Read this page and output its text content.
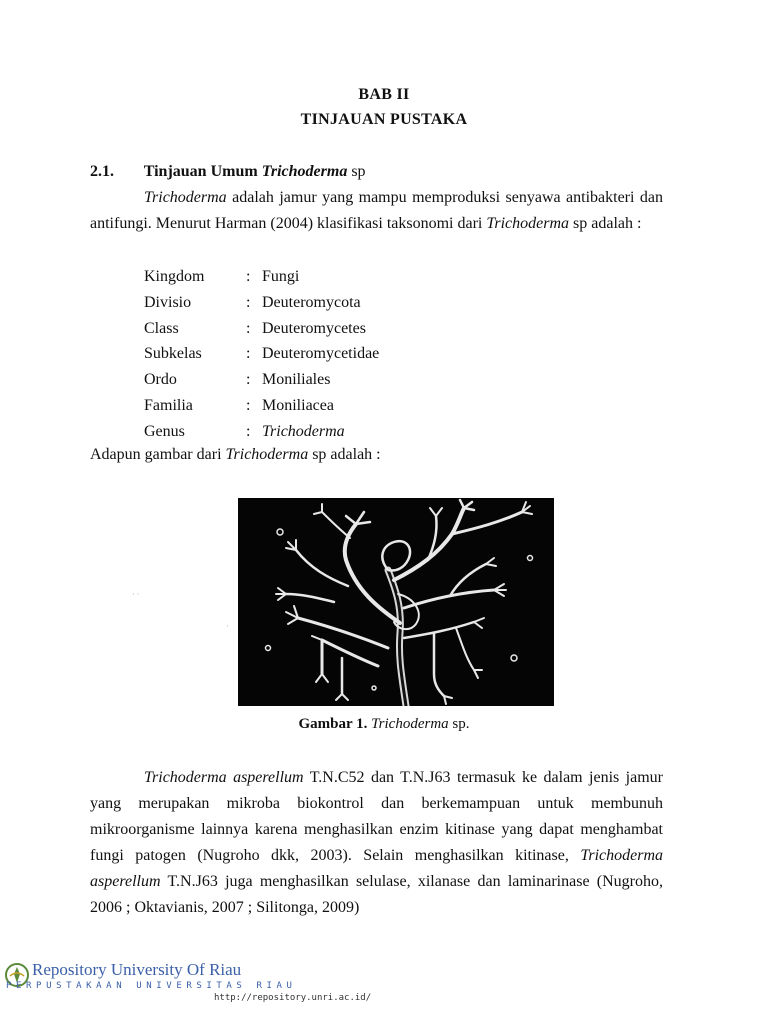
BAB II
TINJAUAN PUSTAKA
2.1. Tinjauan Umum Trichoderma sp
Trichoderma adalah jamur yang mampu memproduksi senyawa antibakteri dan antifungi. Menurut Harman (2004) klasifikasi taksonomi dari Trichoderma sp adalah :
Kingdom	: Fungi
Divisio	: Deuteromycota
Class	: Deuteromycetes
Subkelas	: Deuteromycetidae
Ordo	: Moniliales
Familia	: Moniliacea
Genus	: Trichoderma
Adapun gambar dari Trichoderma sp adalah :
· ·
·
Gambar 1. Trichoderma sp.
Trichoderma asperellum T.N.C52 dan T.N.J63 termasuk ke dalam jenis jamur yang merupakan mikroba biokontrol dan berkemampuan untuk membunuh mikroorganisme lainnya karena menghasilkan enzim kitinase yang dapat menghambat fungi patogen (Nugroho dkk, 2003). Selain menghasilkan kitinase, Trichoderma asperellum T.N.J63 juga menghasilkan selulase, xilanase dan laminarinase (Nugroho, 2006 ; Oktavianis, 2007 ; Silitonga, 2009)
Repository University Of Riau
PERPUSTAKAAN UNIVERSITAS RIAU
http://repository.unri.ac.id/
